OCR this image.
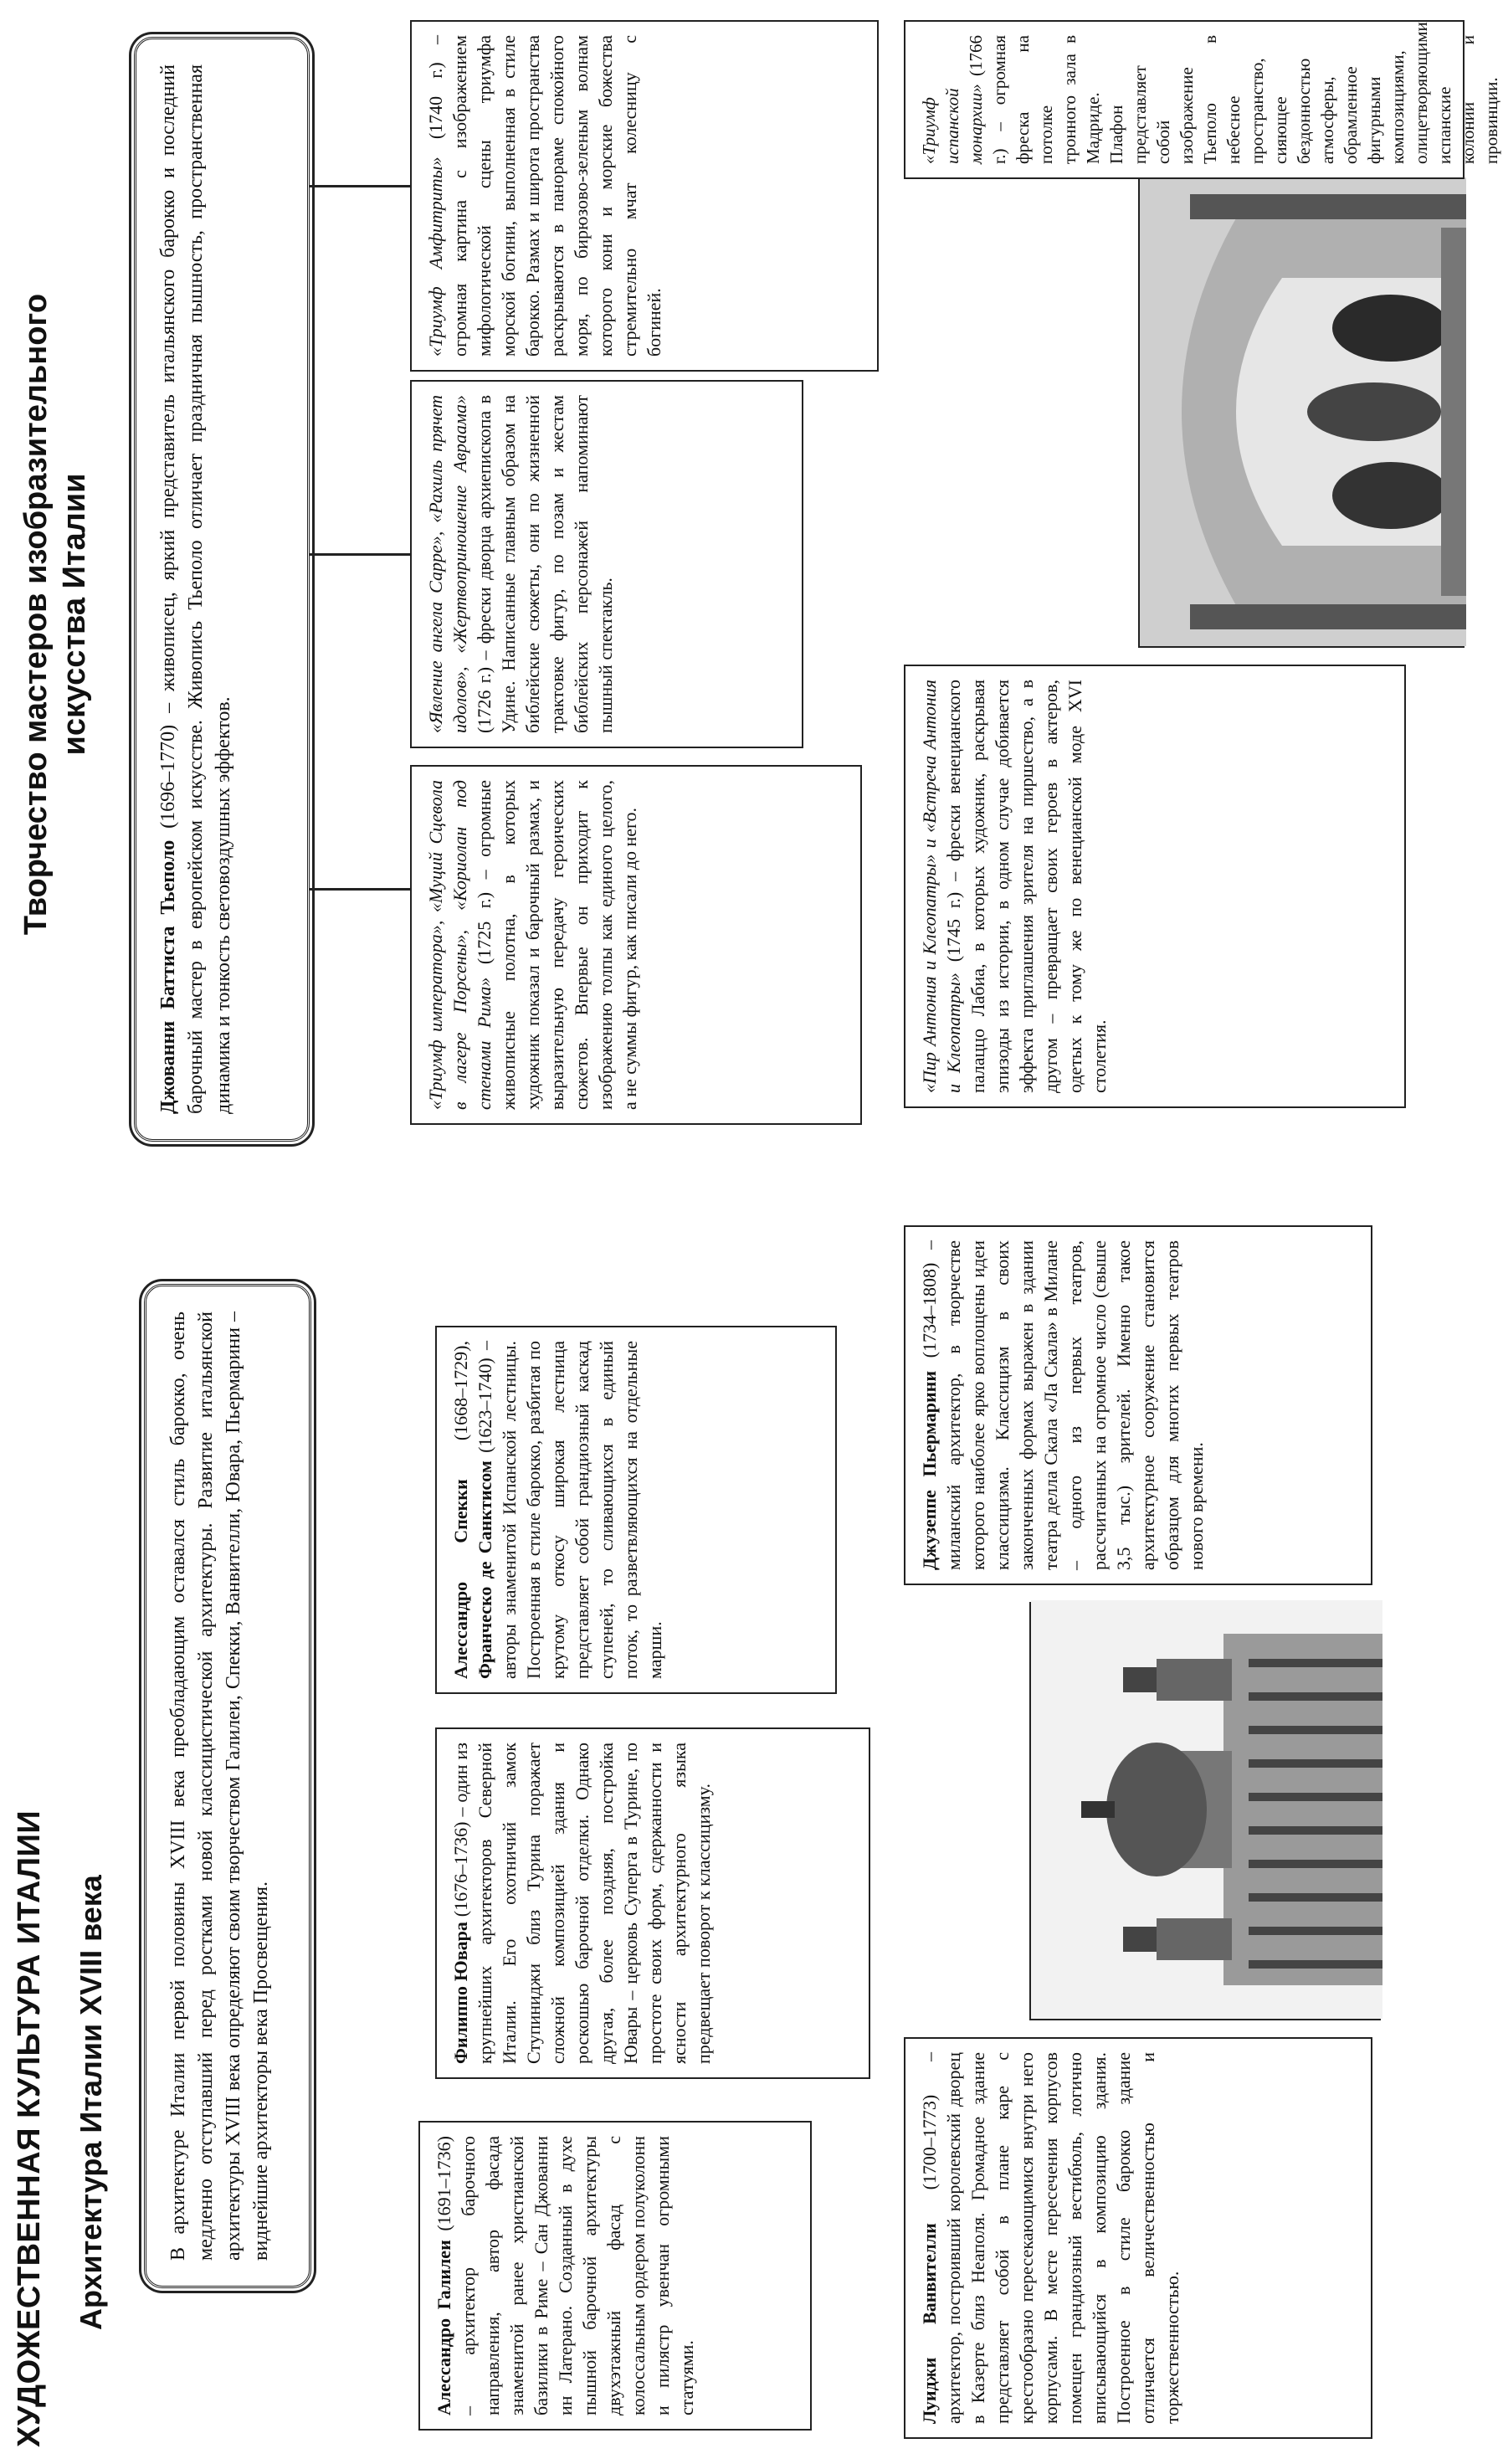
ХУДОЖЕСТВЕННАЯ КУЛЬТУРА ИТАЛИИ Архитектура Италии XVIII века	В архитектуре Италии первой половины XVIII века преобладающим оставался стиль барокко, очень медленно отступавший перед ростками новой классицистической архитектуры. Развитие итальянской архитектуры XVIII века определяют своим творчеством Галилеи, Спекки, Ванвителли, Ювара, Пьермарини – виднейшие архитекторы века Просвещения.
Алессандро Галилеи (1691–1736) – архитектор барочного направления, автор фасада знаменитой ранее христианской базилики в Риме – Сан Джованни ин Латерано. Созданный в духе пышной барочной архитектуры двухэтажный фасад с колоссальным ордером полуколонн и пилястр увенчан огромными статуями.
Филиппо Ювара (1676–1736) – один из крупнейших архитекторов Северной Италии. Его охотничий замок Ступиниджи близ Турина поражает сложной композицией здания и роскошью барочной отделки. Однако другая, более поздняя, постройка Ювары – церковь Суперга в Турине, по простоте своих форм, сдержанности и ясности архитектурного языка предвещает поворот к классицизму.
Алессандро Спекки (1668–1729), Франческо де Санктисом (1623–1740) – авторы знаменитой Испанской лестницы. Построенная в стиле барокко, разбитая по крутому откосу широкая лестница представляет собой грандиозный каскад ступеней, то сливающихся в единый поток, то разветвляющихся на отдельные марши.
Луиджи Ванвителли (1700–1773) – архитектор, построивший королевский дворец в Казерте близ Неаполя. Громадное здание представляет собой в плане каре с крестообразно пересекающимися внутри него корпусами. В месте пересечения корпусов помещен грандиозный вестибюль, логично вписывающийся в композицию здания. Построенное в стиле барокко здание отличается величественностью и торжественностью.
Джузеппе Пьермарини (1734–1808) – миланский архитектор, в творчестве которого наиболее ярко воплощены идеи классицизма. Классицизм в своих законченных формах выражен в здании театра делла Скала «Ла Скала» в Милане – одного из первых театров, рассчитанных на огромное число (свыше 3,5 тыс.) зрителей. Именно такое архитектурное сооружение становится образцом для многих первых театров нового времени.
Творчество мастеров изобразительного искусства Италии
Джованни Баттиста Тьеполо (1696–1770) – живописец, яркий представитель итальянского барокко и последний барочный мастер в европейском искусстве. Живопись Тьеполо отличает праздничная пышность, пространственная динамика и тонкость световоздушных эффектов.	«Триумф императора», «Муций Сцевола в лагере Порсены», «Кориолан под стенами Рима» (1725 г.) – огромные живописные полотна, в которых художник показал и барочный размах, и выразительную передачу героических сюжетов. Впервые он приходит к изображению толпы как единого целого, а не суммы фигур, как писали до него.
«Явление ангела Сарре», «Рахиль прячет идолов», «Жертвоприношение Авраама» (1726 г.) – фрески дворца архиепископа в Удине. Написанные главным образом на библейские сюжеты, они по жизненной трактовке фигур, по позам и жестам библейских персонажей напоминают пышный спектакль.
«Триумф Амфитриты» (1740 г.) – огромная картина с изображением мифологической сцены триумфа морской богини, выполненная в стиле барокко. Размах и широта пространства раскрываются в панораме спокойного моря, по бирюзово-зеленым волнам которого кони и морские божества стремительно мчат колесницу с богиней.
«Пир Антония и Клеопатры» и «Встреча Антония и Клеопатры» (1745 г.) – фрески венецианского палаццо Лабиа, в которых художник, раскрывая эпизоды из истории, в одном случае добивается эффекта приглашения зрителя на пиршество, а в другом – превращает своих героев в актеров, одетых к тому же по венецианской моде XVI столетия.
«Триумф испанской монархии» (1766 г.) – огромная фреска на потолке тронного зала в Мадриде. Плафон представляет собой изображение Тьеполо в небесное пространство, сияющее бездонностью атмосферы, обрамленное фигурными композициями, олицетворяющими испанские колонии и провинции.
